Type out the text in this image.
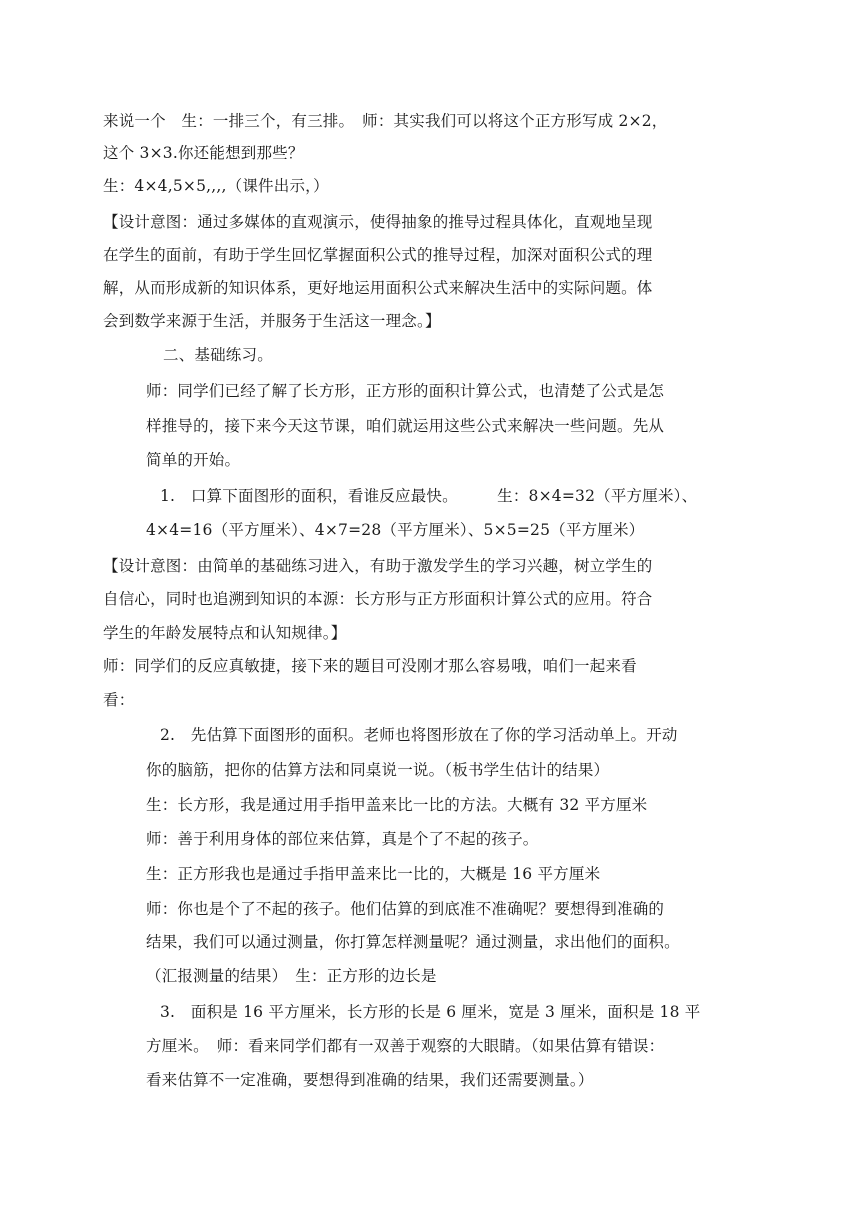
来说一个　生：一排三个，有三排。　师：其实我们可以将这个正方形写成 2×2，
这个 3×3.你还能想到那些？
生：4×4,5×5,,,,（课件出示，）
【设计意图：通过多媒体的直观演示，使得抽象的推导过程具体化，直观地呈现
在学生的面前，有助于学生回忆掌握面积公式的推导过程，加深对面积公式的理
解，从而形成新的知识体系，更好地运用面积公式来解决生活中的实际问题。体
会到数学来源于生活，并服务于生活这一理念。】
二、基础练习。
师：同学们已经了解了长方形，正方形的面积计算公式，也清楚了公式是怎
样推导的，接下来今天这节课，咱们就运用这些公式来解决一些问题。先从
简单的开始。
1.　口算下面图形的面积，看谁反应最快。　　　生：8×4=32（平方厘米）、
4×4=16（平方厘米）、4×7=28（平方厘米）、5×5=25（平方厘米）
【设计意图：由简单的基础练习进入，有助于激发学生的学习兴趣，树立学生的
自信心，同时也追溯到知识的本源：长方形与正方形面积计算公式的应用。符合
学生的年龄发展特点和认知规律。】
师：同学们的反应真敏捷，接下来的题目可没刚才那么容易哦，咱们一起来看
看：
2.　先估算下面图形的面积。老师也将图形放在了你的学习活动单上。开动
你的脑筋，把你的估算方法和同桌说一说。（板书学生估计的结果）
生：长方形，我是通过用手指甲盖来比一比的方法。大概有 32 平方厘米
师：善于利用身体的部位来估算，真是个了不起的孩子。
生：正方形我也是通过手指甲盖来比一比的，大概是 16 平方厘米
师：你也是个了不起的孩子。他们估算的到底准不准确呢？要想得到准确的
结果，我们可以通过测量，你打算怎样测量呢？通过测量，求出他们的面积。
（汇报测量的结果）　生：正方形的边长是
3.　面积是 16 平方厘米，长方形的长是 6 厘米，宽是 3 厘米，面积是 18 平
方厘米。　师：看来同学们都有一双善于观察的大眼睛。（如果估算有错误：
看来估算不一定准确，要想得到准确的结果，我们还需要测量。）
